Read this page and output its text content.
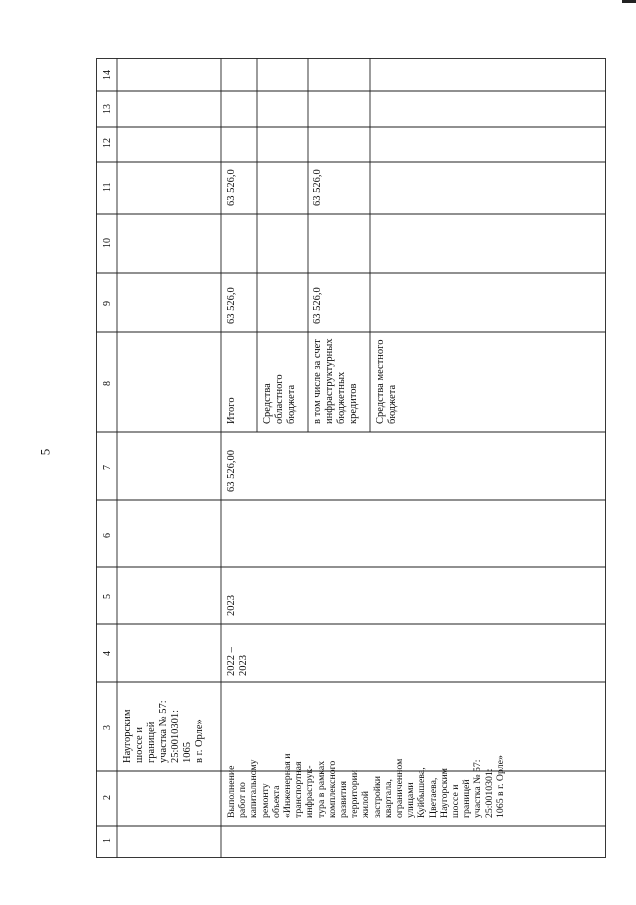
5
1
2
3
4
5
6
7
8
9
10
11
12
13
14
Наугорским
шоссе и
границей
участка № 57:
25:0010301:
1065
в г. Орле»
Выполнение
работ по
капитальному
ремонту
объекта
«Инженерная и
транспортная
инфраструк-
тура в рамках
комплексного
развития
территории
жилой
застройки
квартала,
ограниченном
улицами
Куйбышева,
Цветаева,
Наугорским
шоссе и
границей
участка № 57:
25:0010301:
1065 в г. Орле»
2022 –
2023
2023
63 526,00
Итого Средства
областного
бюджета в том числе за счет
инфраструктурных
бюджетных
кредитов Средства местного
бюджета
63 526,0	63 526,0
63 526,0	63 526,0
